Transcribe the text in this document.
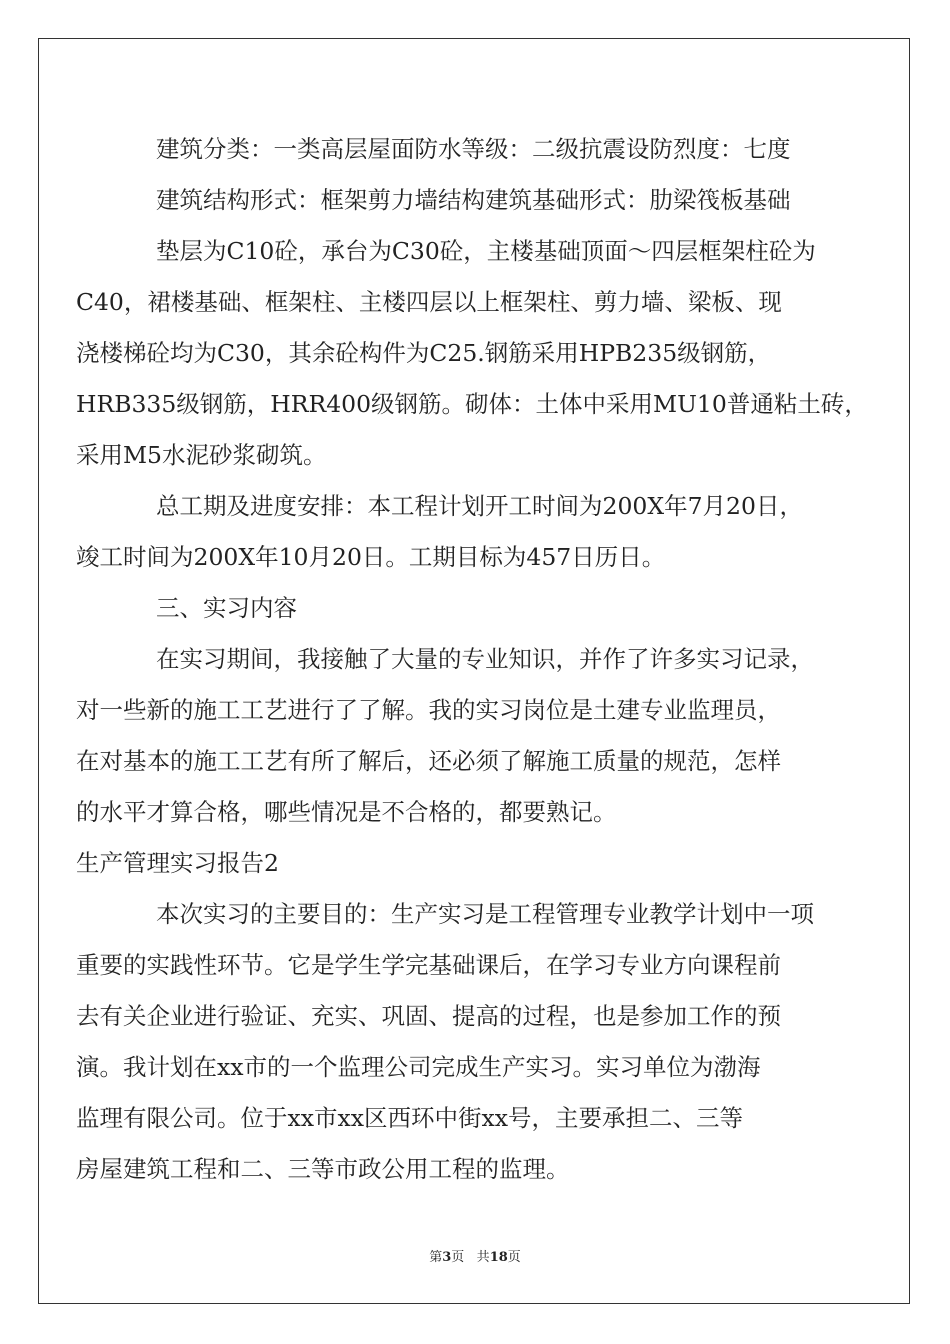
建筑分类：一类高层屋面防水等级：二级抗震设防烈度：七度
建筑结构形式：框架剪力墙结构建筑基础形式：肋梁筏板基础
垫层为C10砼，承台为C30砼，主楼基础顶面～四层框架柱砼为
C40，裙楼基础、框架柱、主楼四层以上框架柱、剪力墙、梁板、现
浇楼梯砼均为C30，其余砼构件为C25.钢筋采用HPB235级钢筋，
HRB335级钢筋，HRR400级钢筋。砌体：土体中采用MU10普通粘土砖，
采用M5水泥砂浆砌筑。
总工期及进度安排：本工程计划开工时间为200X年7月20日，
竣工时间为200X年10月20日。工期目标为457日历日。
三、实习内容
在实习期间，我接触了大量的专业知识，并作了许多实习记录，
对一些新的施工工艺进行了了解。我的实习岗位是土建专业监理员，
在对基本的施工工艺有所了解后，还必须了解施工质量的规范，怎样
的水平才算合格，哪些情况是不合格的，都要熟记。
生产管理实习报告2
本次实习的主要目的：生产实习是工程管理专业教学计划中一项
重要的实践性环节。它是学生学完基础课后，在学习专业方向课程前
去有关企业进行验证、充实、巩固、提高的过程，也是参加工作的预
演。我计划在xx市的一个监理公司完成生产实习。实习单位为渤海
监理有限公司。位于xx市xx区西环中街xx号，主要承担二、三等
房屋建筑工程和二、三等市政公用工程的监理。
第3页 共18页
